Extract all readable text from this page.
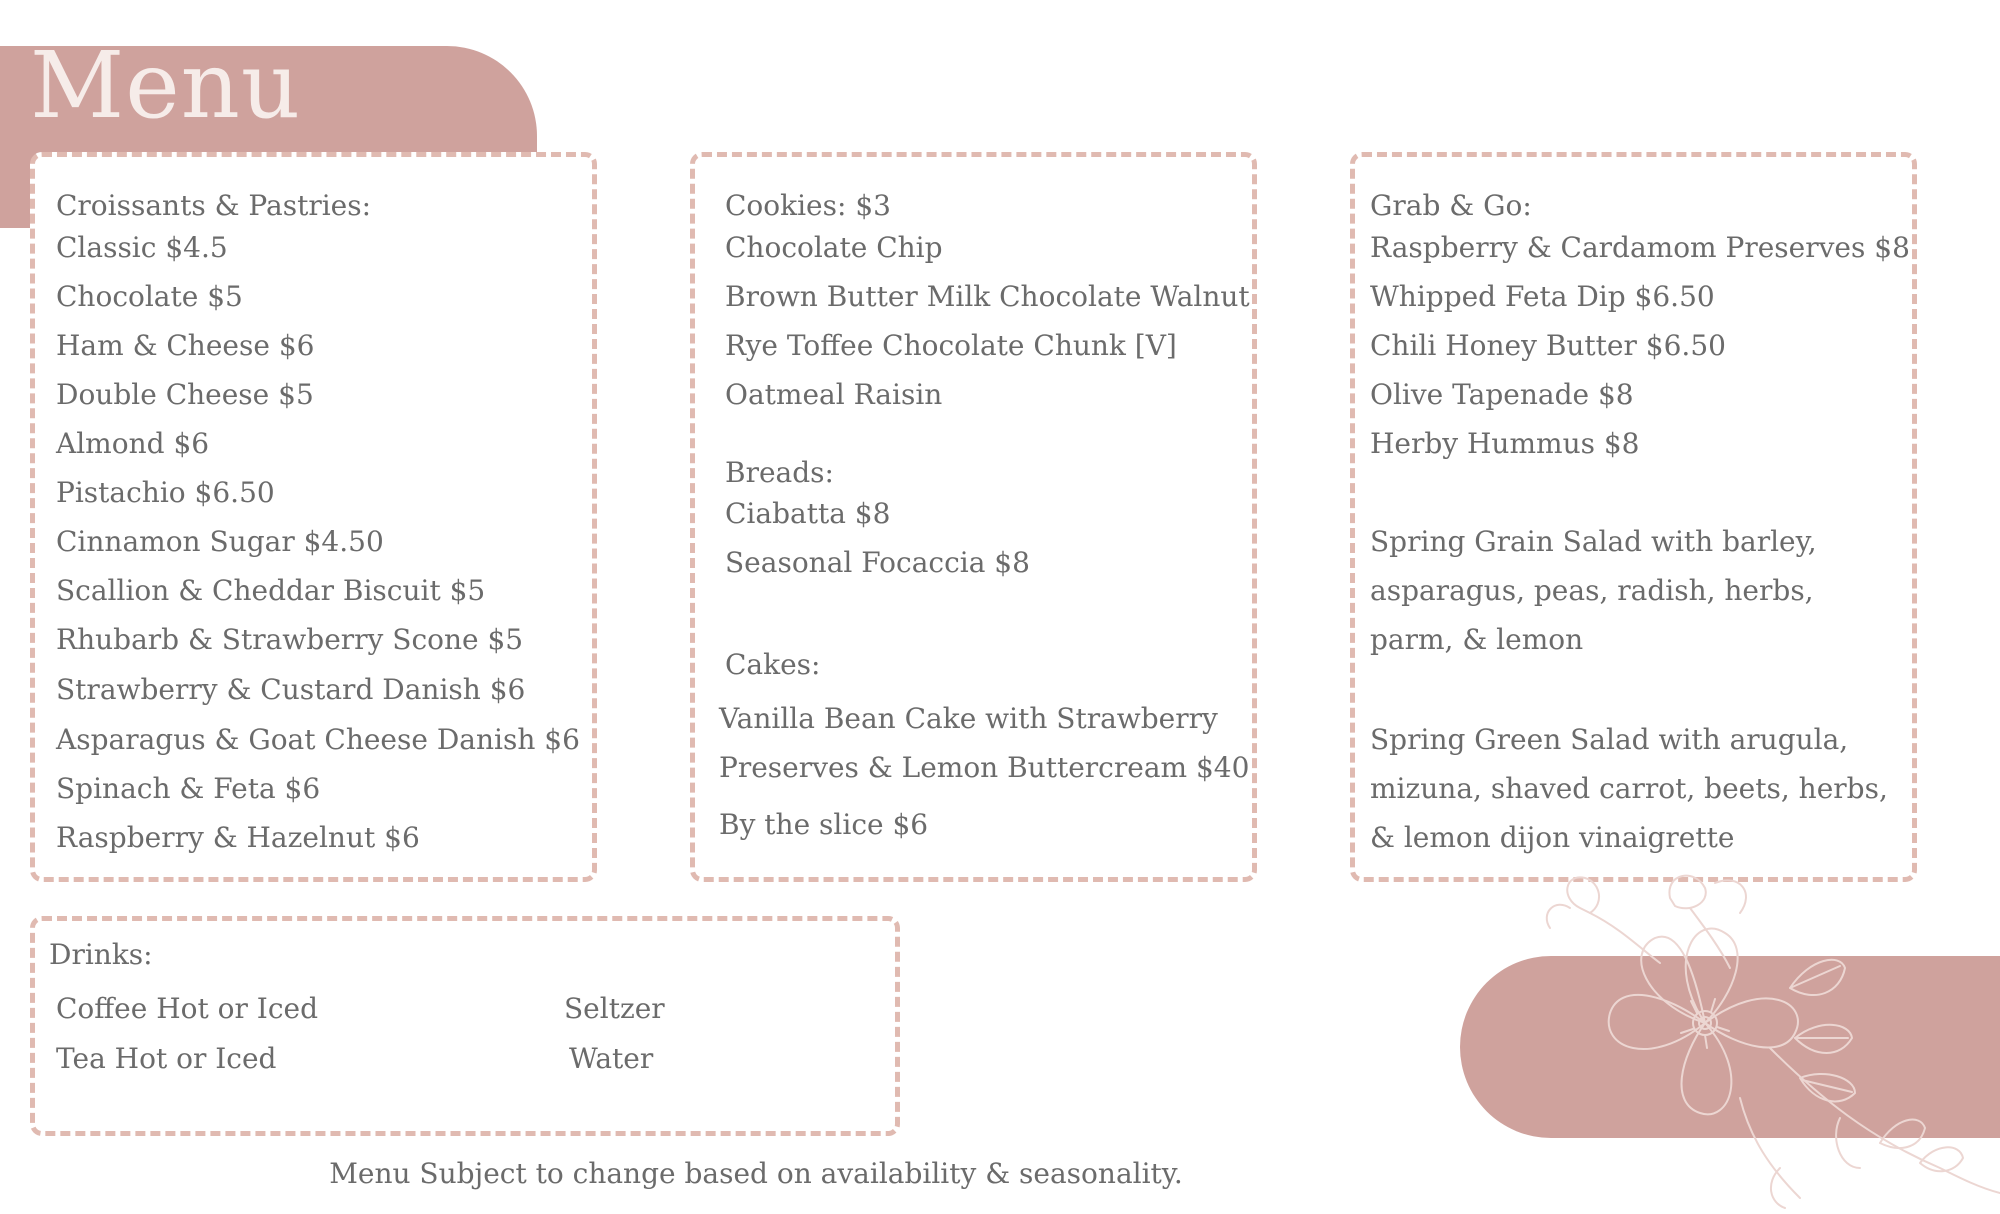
Menu
Croissants & Pastries:
Classic $4.5
Chocolate $5
Ham & Cheese $6
Double Cheese $5
Almond $6
Pistachio $6.50
Cinnamon Sugar $4.50
Scallion & Cheddar Biscuit $5
Rhubarb & Strawberry Scone $5
Strawberry & Custard Danish $6
Asparagus & Goat Cheese Danish $6
Spinach & Feta $6
Raspberry & Hazelnut $6
Cookies: $3
Chocolate Chip
Brown Butter Milk Chocolate Walnut
Rye Toffee Chocolate Chunk [V]
Oatmeal Raisin
Breads:
Ciabatta $8
Seasonal Focaccia $8
Cakes:
Vanilla Bean Cake with Strawberry
Preserves & Lemon Buttercream $40
By the slice $6
Grab & Go:
Raspberry & Cardamom Preserves $8
Whipped Feta Dip $6.50
Chili Honey Butter $6.50
Olive Tapenade $8
Herby Hummus $8
Spring Grain Salad with barley,
asparagus, peas, radish, herbs,
parm, & lemon
Spring Green Salad with arugula,
mizuna, shaved carrot, beets, herbs,
& lemon dijon vinaigrette
Drinks:
Coffee Hot or Iced
Tea Hot or Iced
Seltzer
Water
Menu Subject to change based on availability & seasonality.
